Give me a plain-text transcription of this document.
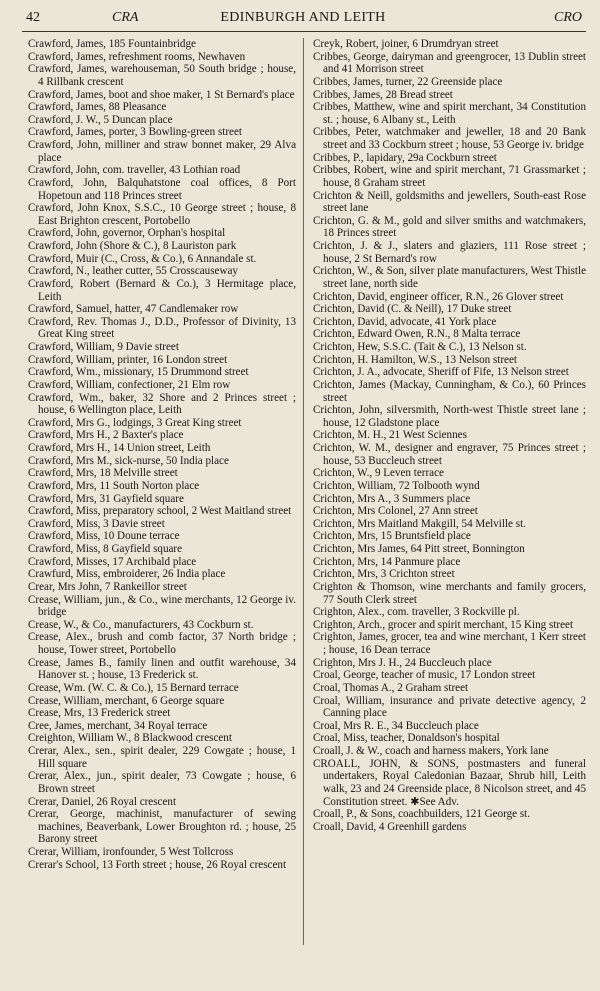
42	CRA	EDINBURGH AND LEITH	CRO
Crawford, James, 185 Fountainbridge
Crawford, James, refreshment rooms, Newhaven
Crawford, James, warehouseman, 50 South bridge ; house, 4 Rillbank crescent
Crawford, James, boot and shoe maker, 1 St Bernard's place
Crawford, James, 88 Pleasance
Crawford, J. W., 5 Duncan place
Crawford, James, porter, 3 Bowling-green street
Crawford, John, milliner and straw bonnet maker, 29 Alva place
Crawford, John, com. traveller, 43 Lothian road
Crawford, John, Balquhatstone coal offices, 8 Port Hopetoun and 118 Princes street
Crawford, John Knox, S.S.C., 10 George street ; house, 8 East Brighton crescent, Portobello
Crawford, John, governor, Orphan's hospital
Crawford, John (Shore & C.), 8 Lauriston park
Crawford, Muir (C., Cross, & Co.), 6 Annandale st.
Crawford, N., leather cutter, 55 Crosscauseway
Crawford, Robert (Bernard & Co.), 3 Hermitage place, Leith
Crawford, Samuel, hatter, 47 Candlemaker row
Crawford, Rev. Thomas J., D.D., Professor of Divinity, 13 Great King street
Crawford, William, 9 Davie street
Crawford, William, printer, 16 London street
Crawford, Wm., missionary, 15 Drummond street
Crawford, William, confectioner, 21 Elm row
Crawford, Wm., baker, 32 Shore and 2 Princes street ; house, 6 Wellington place, Leith
Crawford, Mrs G., lodgings, 3 Great King street
Crawford, Mrs H., 2 Baxter's place
Crawford, Mrs H., 14 Union street, Leith
Crawford, Mrs M., sick-nurse, 50 India place
Crawford, Mrs, 18 Melville street
Crawford, Mrs, 11 South Norton place
Crawford, Mrs, 31 Gayfield square
Crawford, Miss, preparatory school, 2 West Maitland street
Crawford, Miss, 3 Davie street
Crawford, Miss, 10 Doune terrace
Crawford, Miss, 8 Gayfield square
Crawford, Misses, 17 Archibald place
Crawfurd, Miss, embroiderer, 26 India place
Crear, Mrs John, 7 Rankeillor street
Crease, William, jun., & Co., wine merchants, 12 George iv. bridge
Crease, W., & Co., manufacturers, 43 Cockburn st.
Crease, Alex., brush and comb factor, 37 North bridge ; house, Tower street, Portobello
Crease, James B., family linen and outfit warehouse, 34 Hanover st. ; house, 13 Frederick st.
Crease, Wm. (W. C. & Co.), 15 Bernard terrace
Crease, William, merchant, 6 George square
Crease, Mrs, 13 Frederick street
Cree, James, merchant, 34 Royal terrace
Creighton, William W., 8 Blackwood crescent
Crerar, Alex., sen., spirit dealer, 229 Cowgate ; house, 1 Hill square
Crerar, Alex., jun., spirit dealer, 73 Cowgate ; house, 6 Brown street
Crerar, Daniel, 26 Royal crescent
Crerar, George, machinist, manufacturer of sewing machines, Beaverbank, Lower Broughton rd. ; house, 25 Barony street
Crerar, William, ironfounder, 5 West Tollcross
Crerar's School, 13 Forth street ; house, 26 Royal crescent
Creyk, Robert, joiner, 6 Drumdryan street
Cribbes, George, dairyman and greengrocer, 13 Dublin street and 41 Morrison street
Cribbes, James, turner, 22 Greenside place
Cribbes, James, 28 Bread street
Cribbes, Matthew, wine and spirit merchant, 34 Constitution st. ; house, 6 Albany st., Leith
Cribbes, Peter, watchmaker and jeweller, 18 and 20 Bank street and 33 Cockburn street ; house, 53 George iv. bridge
Cribbes, P., lapidary, 29a Cockburn street
Cribbes, Robert, wine and spirit merchant, 71 Grassmarket ; house, 8 Graham street
Crichton & Neill, goldsmiths and jewellers, South-east Rose street lane
Crichton, G. & M., gold and silver smiths and watchmakers, 18 Princes street
Crichton, J. & J., slaters and glaziers, 111 Rose street ; house, 2 St Bernard's row
Crichton, W., & Son, silver plate manufacturers, West Thistle street lane, north side
Crichton, David, engineer officer, R.N., 26 Glover street
Crichton, David (C. & Neill), 17 Duke street
Crichton, David, advocate, 41 York place
Crichton, Edward Owen, R.N., 8 Malta terrace
Crichton, Hew, S.S.C. (Tait & C.), 13 Nelson st.
Crichton, H. Hamilton, W.S., 13 Nelson street
Crichton, J. A., advocate, Sheriff of Fife, 13 Nelson street
Crichton, James (Mackay, Cunningham, & Co.), 60 Princes street
Crichton, John, silversmith, North-west Thistle street lane ; house, 12 Gladstone place
Crichton, M. H., 21 West Sciennes
Crichton, W. M., designer and engraver, 75 Princes street ; house, 53 Buccleuch street
Crichton, W., 9 Leven terrace
Crichton, William, 72 Tolbooth wynd
Crichton, Mrs A., 3 Summers place
Crichton, Mrs Colonel, 27 Ann street
Crichton, Mrs Maitland Makgill, 54 Melville st.
Crichton, Mrs, 15 Bruntsfield place
Crichton, Mrs James, 64 Pitt street, Bonnington
Crichton, Mrs, 14 Panmure place
Crichton, Mrs, 3 Crichton street
Crighton & Thomson, wine merchants and family grocers, 77 South Clerk street
Crighton, Alex., com. traveller, 3 Rockville pl.
Crighton, Arch., grocer and spirit merchant, 15 King street
Crighton, James, grocer, tea and wine merchant, 1 Kerr street ; house, 16 Dean terrace
Crighton, Mrs J. H., 24 Buccleuch place
Croal, George, teacher of music, 17 London street
Croal, Thomas A., 2 Graham street
Croal, William, insurance and private detective agency, 2 Canning place
Croal, Mrs R. E., 34 Buccleuch place
Croal, Miss, teacher, Donaldson's hospital
Croall, J. & W., coach and harness makers, York lane
CROALL, JOHN, & SONS, postmasters and funeral undertakers, Royal Caledonian Bazaar, Shrub hill, Leith walk, 23 and 24 Greenside place, 8 Nicolson street, and 45 Constitution street. ✱See Adv.
Croall, P., & Sons, coachbuilders, 121 George st.
Croall, David, 4 Greenhill gardens
